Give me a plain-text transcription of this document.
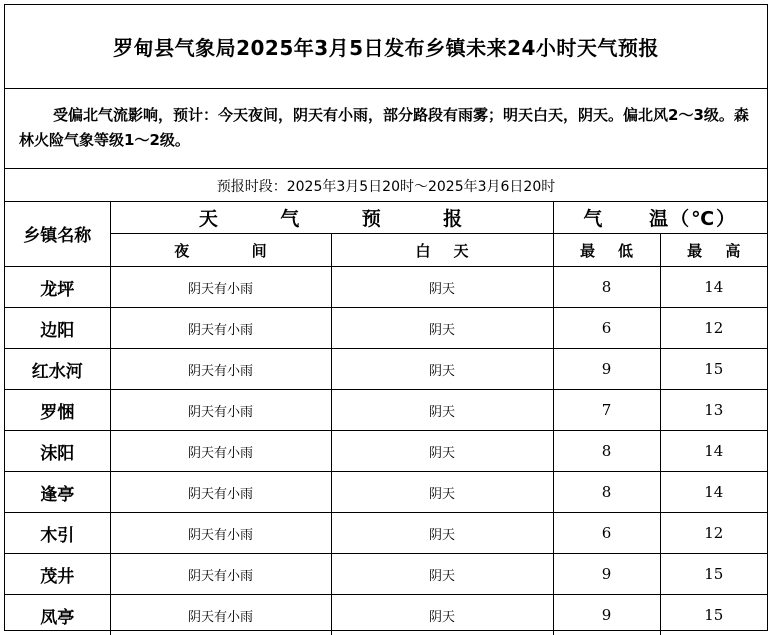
罗甸县气象局2025年3月5日发布乡镇未来24小时天气预报
受偏北气流影响，预计：今天夜间，阴天有小雨，部分路段有雨雾；明天白天，阴天。偏北风2～3级。森林火险气象等级1～2级。
预报时段：2025年3月5日20时～2025年3月6日20时
乡镇名称	天 气 预 报		气 温（℃）	

	夜 间	白 天	最 低	最 高

龙坪	阴天有小雨	阴天	8	14
边阳	阴天有小雨	阴天	6	12
红水河	阴天有小雨	阴天	9	15
罗悃	阴天有小雨	阴天	7	13
沫阳	阴天有小雨	阴天	8	14
逢亭	阴天有小雨	阴天	8	14
木引	阴天有小雨	阴天	6	12
茂井	阴天有小雨	阴天	9	15
凤亭	阴天有小雨	阴天	9	15
